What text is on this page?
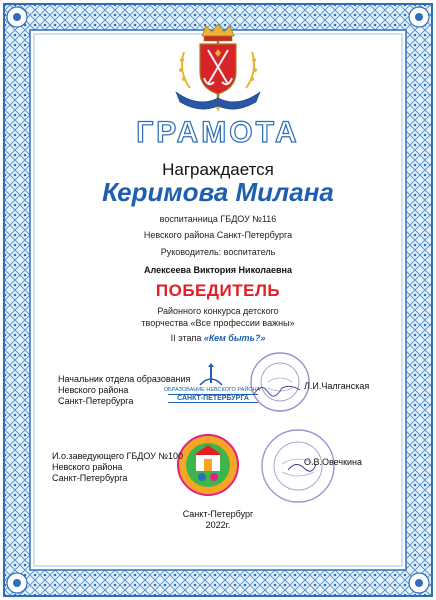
ГРАМОТА
Награждается
Керимова Милана
воспитанница ГБДОУ №116
Невского района Санкт-Петербурга
Руководитель: воспитатель
Алексеева Виктория Николаевна
ПОБЕДИТЕЛЬ
Районного конкурса детского
творчества «Все профессии важны»
II этапа «Кем быть?»
ОБРАЗОВАНИЕ НЕВСКОГО РАЙОНА
САНКТ-ПЕТЕРБУРГА
Начальник отдела образования
Невского района
Санкт-Петербурга
Л.И.Чалганская
И.о.заведующего ГБДОУ №100
Невского района
Санкт-Петербурга
О.В.Овечкина
Санкт-Петербург
2022г.
